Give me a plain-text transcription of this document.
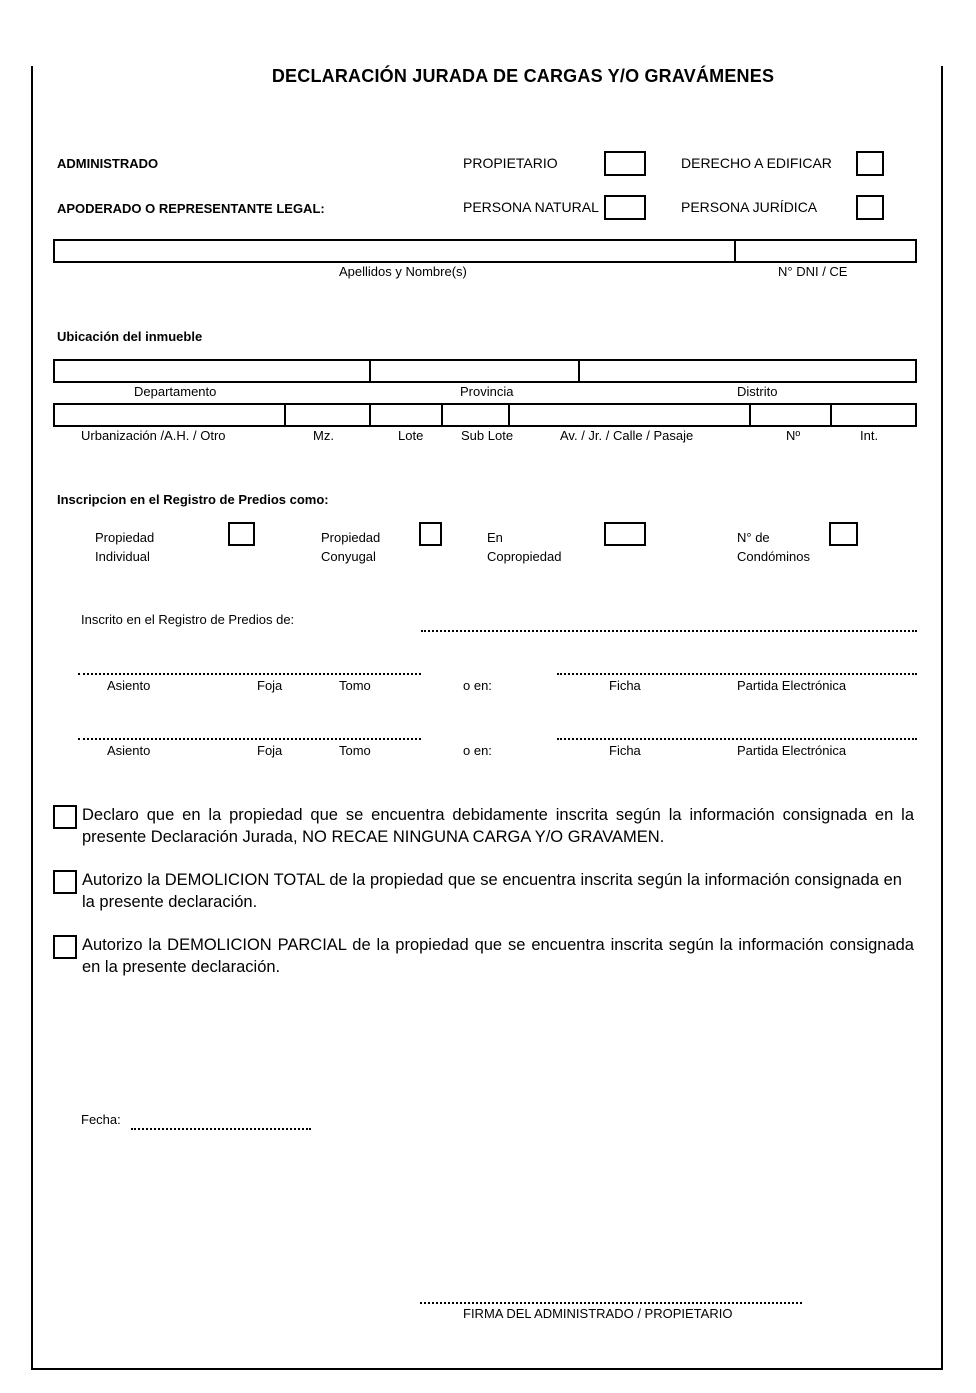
DECLARACIÓN JURADA DE CARGAS Y/O GRAVÁMENES
ADMINISTRADO
APODERADO O REPRESENTANTE LEGAL:
PROPIETARIO	DERECHO A EDIFICAR
PERSONA NATURAL	PERSONA JURÍDICA
Apellidos y Nombre(s)	N° DNI / CE
Ubicación del inmueble
Departamento	Provincia	Distrito
Urbanización /A.H. / Otro	Mz.	Lote	Sub Lote	Av. / Jr. / Calle / Pasaje	Nº	Int.
Inscripcion en el Registro de Predios como:
Propiedad
Individual
Propiedad
Conyugal
En
Copropiedad
N° de
Condóminos
Inscrito en el Registro de Predios de:
Asiento	Foja	Tomo	o en:	Ficha	Partida Electrónica
Asiento	Foja	Tomo	o en:	Ficha	Partida Electrónica
Declaro que en la propiedad que se encuentra debidamente inscrita según la información consignada en la presente Declaración Jurada, NO RECAE NINGUNA CARGA Y/O GRAVAMEN.
Autorizo la DEMOLICION TOTAL de la propiedad que se encuentra inscrita según la información consignada en la presente declaración.
Autorizo la DEMOLICION PARCIAL de la propiedad que se encuentra inscrita según la información consignada en la presente declaración.
Fecha:
FIRMA DEL ADMINISTRADO / PROPIETARIO
